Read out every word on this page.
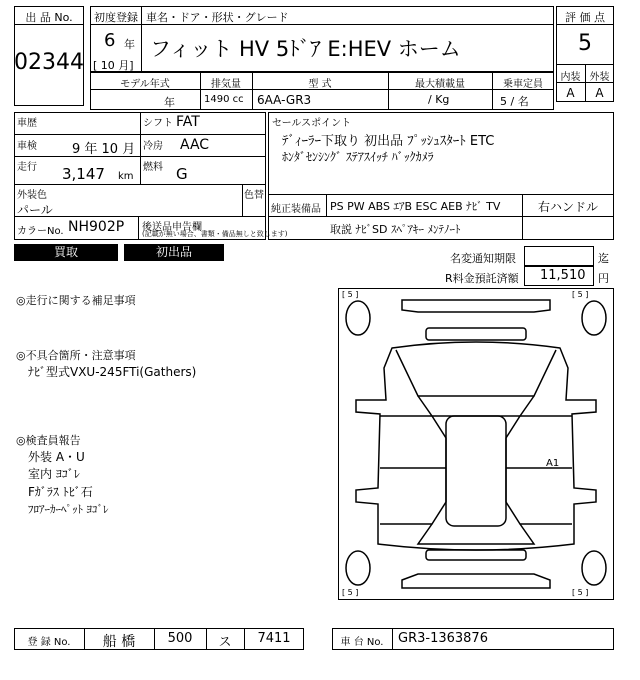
出 品 No.
02344
初度登録 車名・ドア・形状・グレード
6 年
[ 10 月]
フィット HV 5ﾄﾞｱ E:HEV ホーム
評 価 点
5
内装 外装
A	A
モデル年式	排気量	型 式	最大積載量	乗車定員
年	1490 cc 6AA-GR3	/ Kg	5 / 名
車歴	シフト FAT
車検	9 年 10 月 冷房 AAC
走行 3,147 km
燃料 G
外装色
パール
色替
カラーNo. NH902P 後送品申告欄
(記載が無い場合、書類・備品無しと致します)
セールスポイント
ﾃﾞｨｰﾗｰ下取り 初出品 ﾌﾟｯｼｭｽﾀｰﾄ ETC
ﾎﾝﾀﾞｾﾝｼﾝｸﾞ ｽﾃｱｽｲｯﾁ ﾊﾞｯｸｶﾒﾗ
純正装備品 PS PW ABS ｴｱB ESC AEB ﾅﾋﾞ TV	右ハンドル
取説 ﾅﾋﾞSD ｽﾍﾟｱｷｰ ﾒﾝﾃﾉｰﾄ
買取	初出品	名変通知期限	迄
R料金預託済額 11,510 円
◎走行に関する補足事項
◎不具合箇所・注意事項
ﾅﾋﾞ型式VXU-245FTi(Gathers)
◎検査員報告
外装 A・U
室内 ﾖｺﾞﾚ
Fｶﾞﾗｽ ﾄﾋﾞ石
ﾌﾛｱｰｶｰﾍﾟｯﾄ ﾖｺﾞﾚ
[ 5 ]	[ 5 ]
[ 5 ]	[ 5 ]
A1
登 録 No.	船 橋	500	ス	7411	車 台 No.	GR3-1363876
